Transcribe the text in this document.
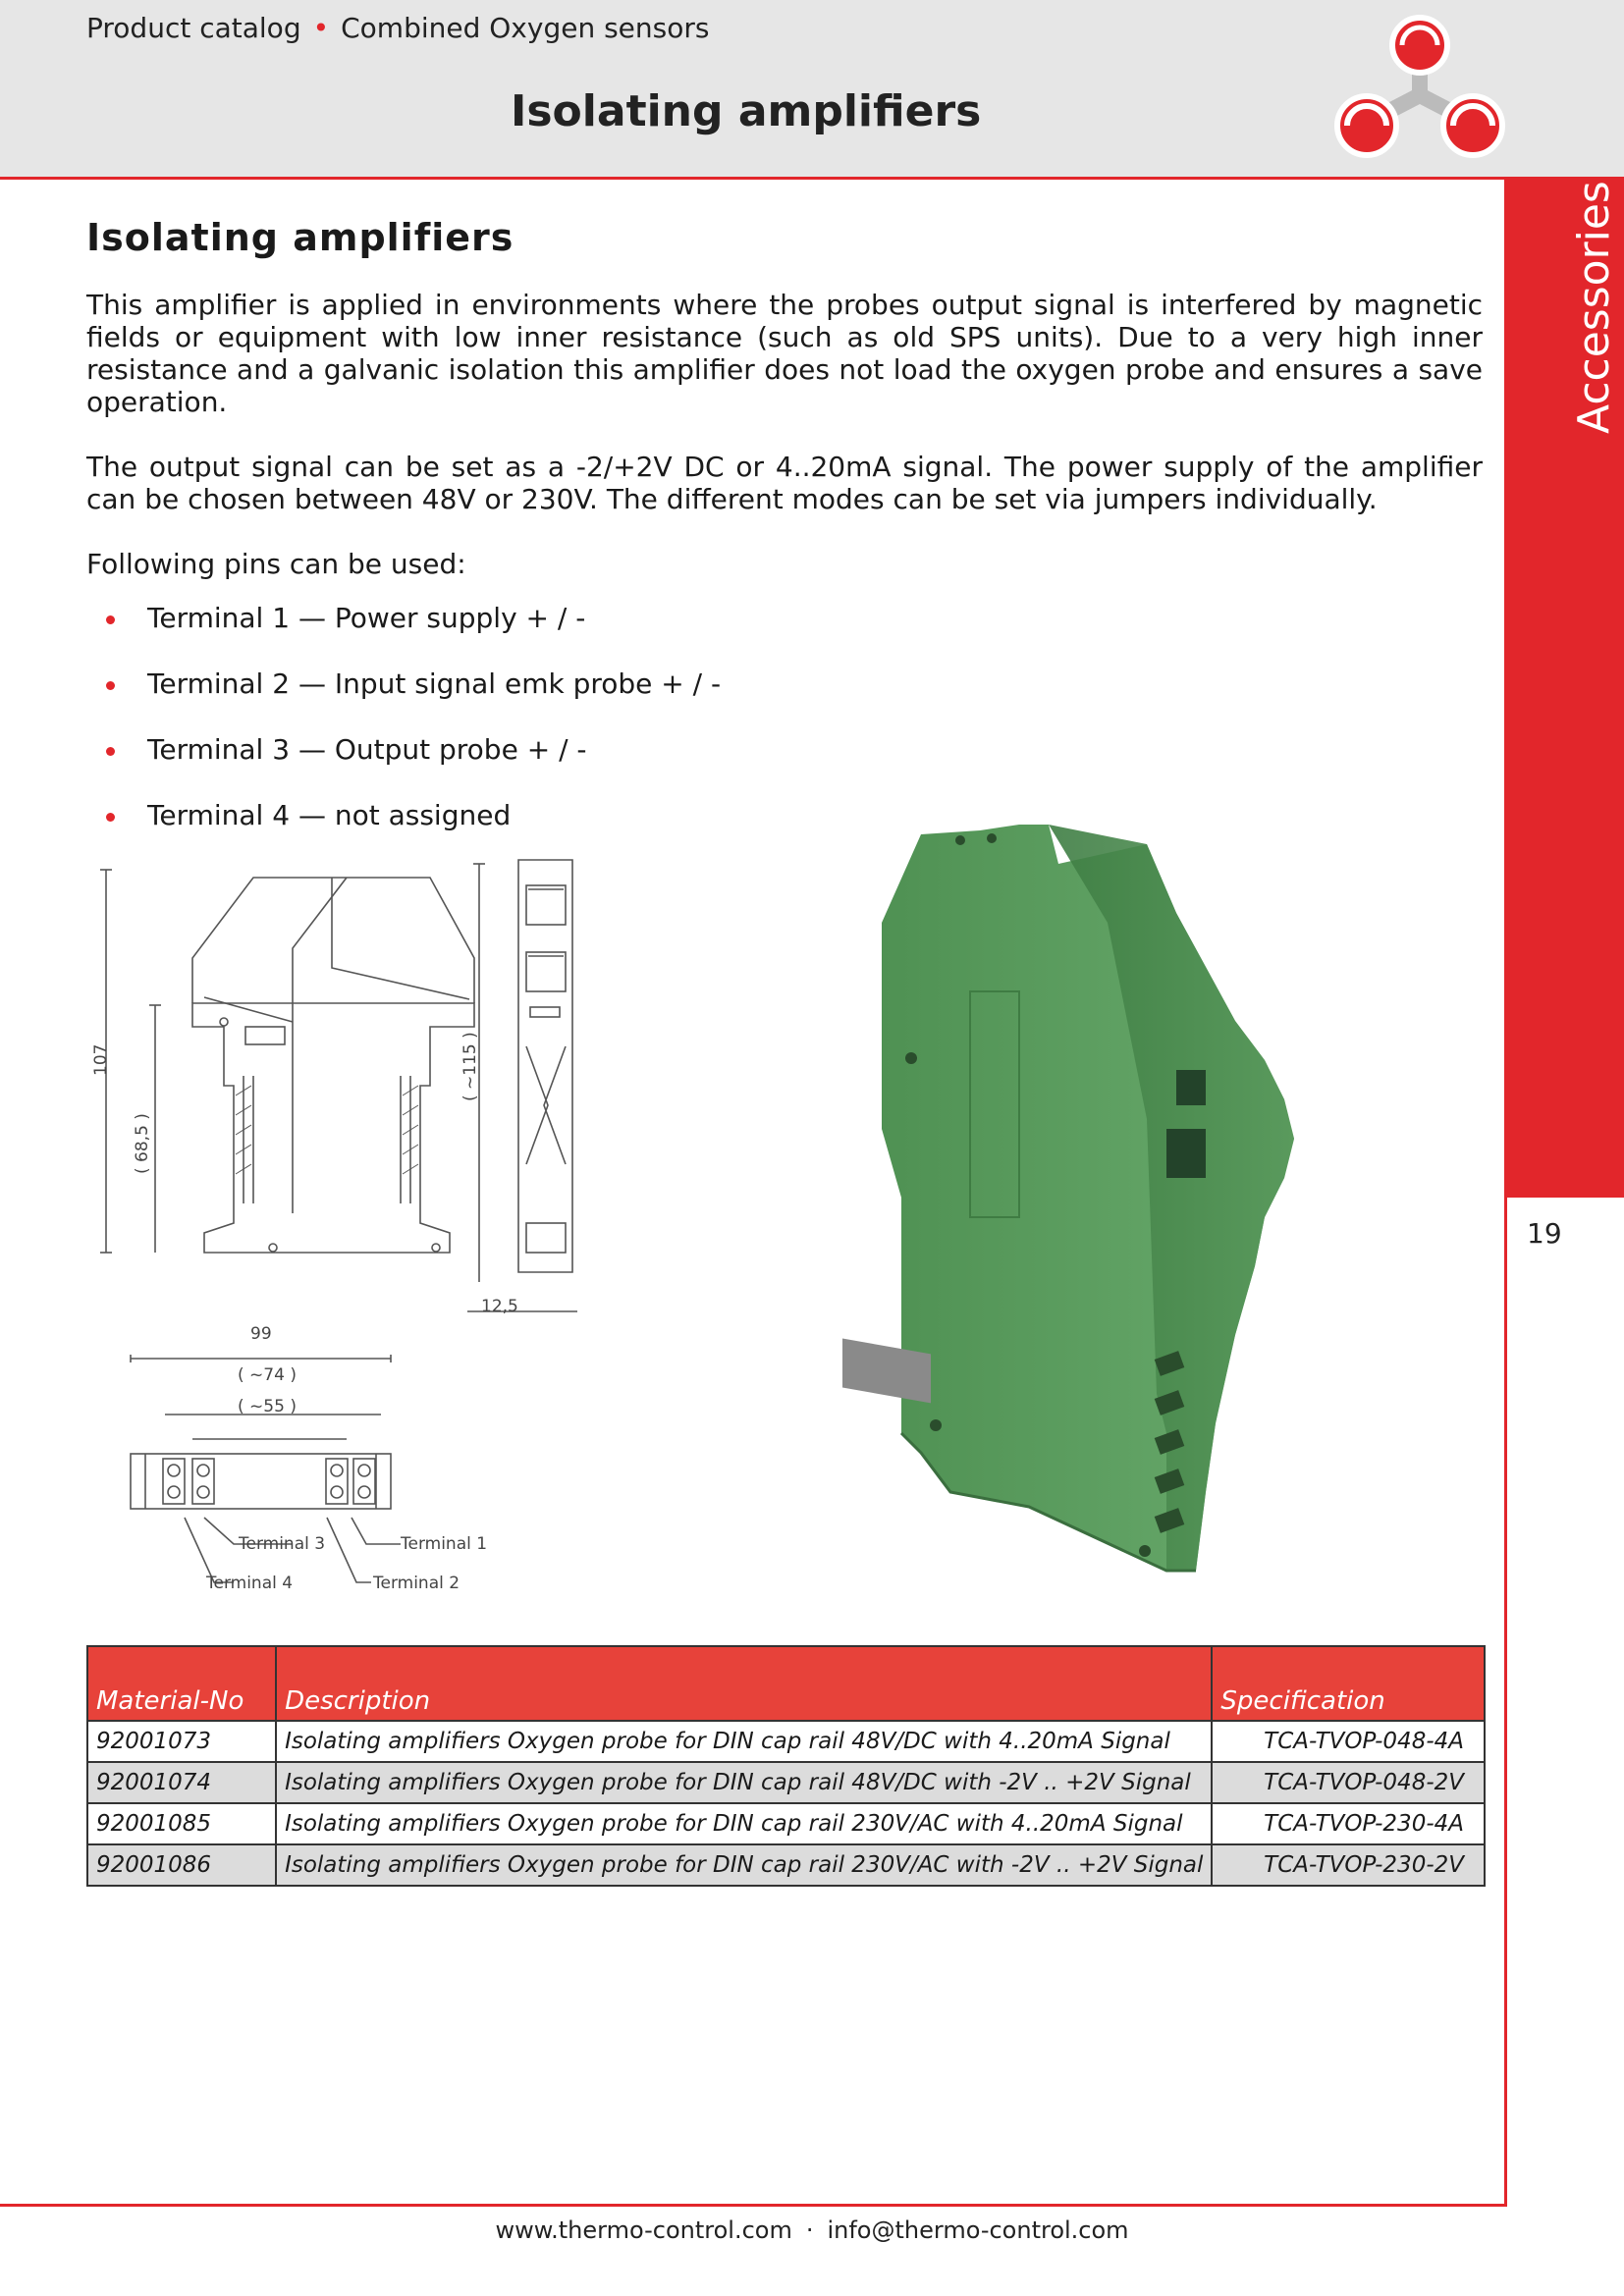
Product catalog • Combined Oxygen sensors
Isolating amplifiers
Accessories
19
Isolating amplifiers

This amplifier is applied in environments where the probes output signal is interfered by magnetic fields or equipment with low inner resistance (such as old SPS units). Due to a very high inner resistance and a galvanic isolation this amplifier does not load the oxygen probe and ensures a save operation.

The output signal can be set as a -2/+2V DC or 4..20mA signal. The power supply of the amplifier can be chosen between 48V or 230V. The different modes can be set via jumpers individually.

Following pins can be used:

Terminal 1 — Power supply + / -
Terminal 2 — Input signal emk probe + / -
Terminal 3 — Output probe + / -
Terminal 4 — not assigned
107
( 68,5 )
( ~115 )
12,5
99
( ~74 )
( ~55 )
Terminal 3	Terminal 1
Terminal 4	Terminal 2
Material-No	Description	Specification
92001073	Isolating amplifiers Oxygen probe for DIN cap rail 48V/DC with 4..20mA Signal	TCA-TVOP-048-4A
92001074	Isolating amplifiers Oxygen probe for DIN cap rail 48V/DC with -2V .. +2V Signal	TCA-TVOP-048-2V
92001085	Isolating amplifiers Oxygen probe for DIN cap rail 230V/AC with 4..20mA Signal	TCA-TVOP-230-4A
92001086	Isolating amplifiers Oxygen probe for DIN cap rail 230V/AC with -2V .. +2V Signal	TCA-TVOP-230-2V
www.thermo-control.com · info@thermo-control.com
